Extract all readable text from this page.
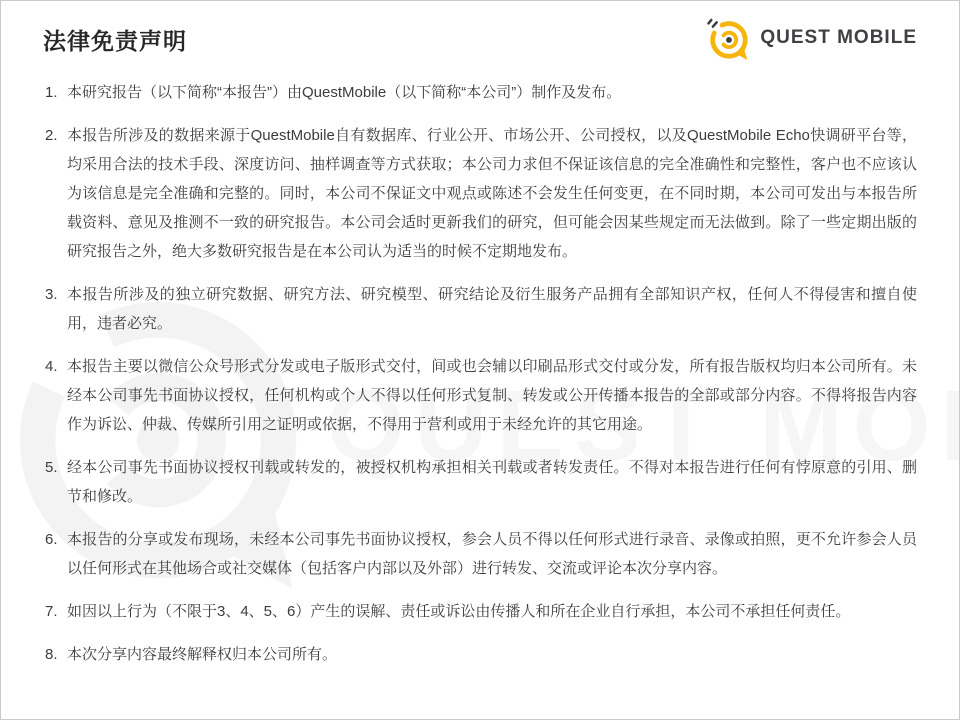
法律免责声明	QUEST MOBILE
1. 本研究报告（以下简称“本报告”）由QuestMobile（以下简称“本公司”）制作及发布。
2. 本报告所涉及的数据来源于QuestMobile自有数据库、行业公开、市场公开、公司授权，以及QuestMobile Echo快调研平台等，均采用合法的技术手段、深度访问、抽样调查等方式获取；本公司力求但不保证该信息的完全准确性和完整性，客户也不应该认为该信息是完全准确和完整的。同时，本公司不保证文中观点或陈述不会发生任何变更，在不同时期，本公司可发出与本报告所载资料、意见及推测不一致的研究报告。本公司会适时更新我们的研究，但可能会因某些规定而无法做到。除了一些定期出版的研究报告之外，绝大多数研究报告是在本公司认为适当的时候不定期地发布。
3. 本报告所涉及的独立研究数据、研究方法、研究模型、研究结论及衍生服务产品拥有全部知识产权，任何人不得侵害和擅自使用，违者必究。
4. 本报告主要以微信公众号形式分发或电子版形式交付，间或也会辅以印刷品形式交付或分发，所有报告版权均归本公司所有。未经本公司事先书面协议授权，任何机构或个人不得以任何形式复制、转发或公开传播本报告的全部或部分内容。不得将报告内容作为诉讼、仲裁、传媒所引用之证明或依据，不得用于营利或用于未经允许的其它用途。
5. 经本公司事先书面协议授权刊载或转发的，被授权机构承担相关刊载或者转发责任。不得对本报告进行任何有悖原意的引用、删节和修改。
6. 本报告的分享或发布现场，未经本公司事先书面协议授权，参会人员不得以任何形式进行录音、录像或拍照，更不允许参会人员以任何形式在其他场合或社交媒体（包括客户内部以及外部）进行转发、交流或评论本次分享内容。
7. 如因以上行为（不限于3、4、5、6）产生的误解、责任或诉讼由传播人和所在企业自行承担，本公司不承担任何责任。
8. 本次分享内容最终解释权归本公司所有。
